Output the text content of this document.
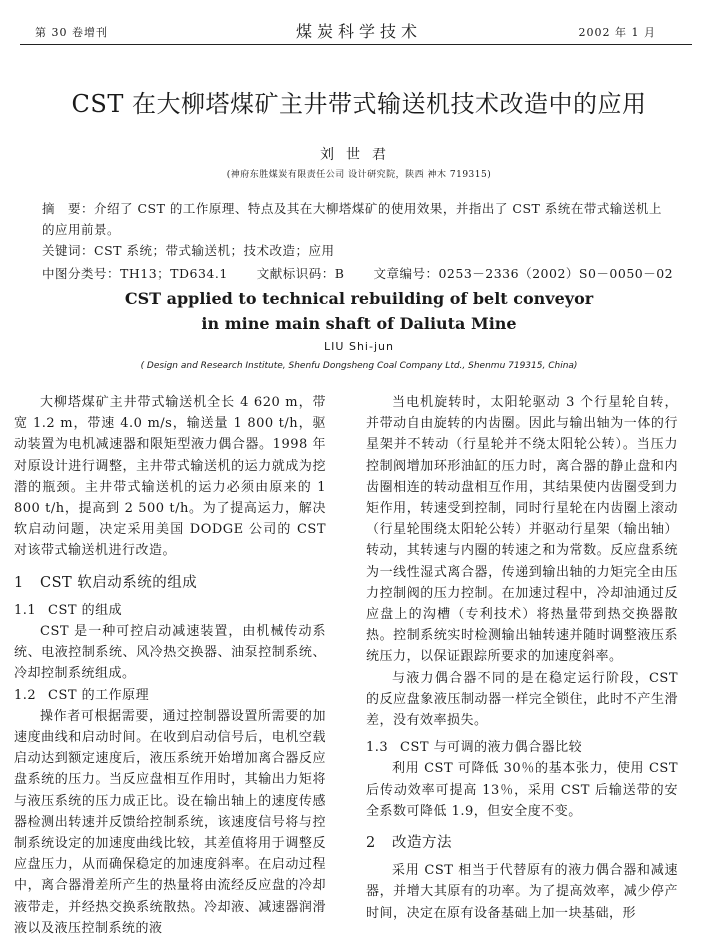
第 30 卷增刊	煤炭科学技术	2002 年 1 月
CST 在大柳塔煤矿主井带式输送机技术改造中的应用
刘世君
(神府东胜煤炭有限责任公司 设计研究院，陕西 神木 719315)
摘　要：介绍了 CST 的工作原理、特点及其在大柳塔煤矿的使用效果，并指出了 CST 系统在带式输送机上的应用前景。
关键词：CST 系统；带式输送机；技术改造；应用
中图分类号：TH13；TD634.1 文献标识码：B 文章编号：0253－2336（2002）S0－0050－02
CST applied to technical rebuilding of belt conveyor
in mine main shaft of Daliuta Mine
LIU Shi-jun
( Design and Research Institute, Shenfu Dongsheng Coal Company Ltd., Shenmu 719315, China)

大柳塔煤矿主井带式输送机全长 4 620 m，带宽 1.2 m，带速 4.0 m/s，输送量 1 800 t/h，驱动装置为电机减速器和限矩型液力偶合器。1998 年对原设计进行调整，主井带式输送机的运力就成为挖潜的瓶颈。主井带式输送机的运力必须由原来的 1 800 t/h，提高到 2 500 t/h。为了提高运力，解决软启动问题，决定采用美国 DODGE 公司的 CST 对该带式输送机进行改造。

1 CST 软启动系统的组成
1.1 CST 的组成

CST 是一种可控启动减速装置，由机械传动系统、电液控制系统、风冷热交换器、油泵控制系统、冷却控制系统组成。

1.2 CST 的工作原理

操作者可根据需要，通过控制器设置所需要的加速度曲线和启动时间。在收到启动信号后，电机空载启动达到额定速度后，液压系统开始增加离合器反应盘系统的压力。当反应盘相互作用时，其输出力矩将与液压系统的压力成正比。设在输出轴上的速度传感器检测出转速并反馈给控制系统，该速度信号将与控制系统设定的加速度曲线比较，其差值将用于调整反应盘压力，从而确保稳定的加速度斜率。在启动过程中，离合器滑差所产生的热量将由流经反应盘的冷却液带走，并经热交换系统散热。冷却液、减速器润滑液以及液压控制系统的液

当电机旋转时，太阳轮驱动 3 个行星轮自转，并带动自由旋转的内齿圈。因此与输出轴为一体的行星架并不转动（行星轮并不绕太阳轮公转）。当压力控制阀增加环形油缸的压力时，离合器的静止盘和内齿圈相连的转动盘相互作用，其结果使内齿圈受到力矩作用，转速受到控制，同时行星轮在内齿圈上滚动（行星轮围绕太阳轮公转）并驱动行星架（输出轴）转动，其转速与内圈的转速之和为常数。反应盘系统为一线性湿式离合器，传递到输出轴的力矩完全由压力控制阀的压力控制。在加速过程中，冷却油通过反应盘上的沟槽（专利技术）将热量带到热交换器散热。控制系统实时检测输出轴转速并随时调整液压系统压力，以保证跟踪所要求的加速度斜率。

与液力偶合器不同的是在稳定运行阶段，CST 的反应盘象液压制动器一样完全锁住，此时不产生滑差，没有效率损失。

1.3 CST 与可调的液力偶合器比较

利用 CST 可降低 30％的基本张力，使用 CST 后传动效率可提高 13％，采用 CST 后输送带的安全系数可降低 1.9，但安全度不变。

2 改造方法

采用 CST 相当于代替原有的液力偶合器和减速器，并增大其原有的功率。为了提高效率，减少停产时间，决定在原有设备基础上加一块基础，形
